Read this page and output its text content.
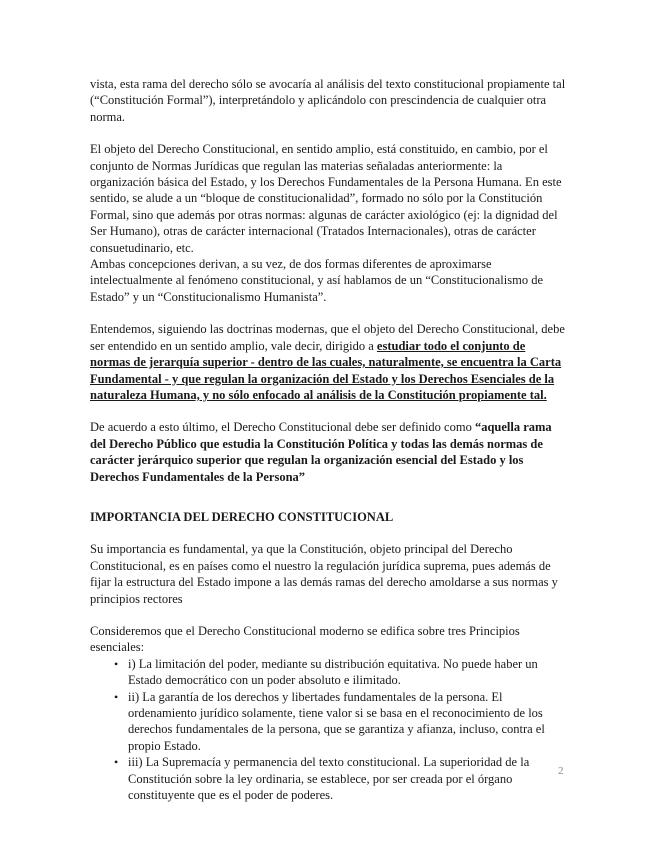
vista, esta rama del derecho sólo se avocaría al análisis del texto constitucional propiamente tal (“Constitución Formal”), interpretándolo y aplicándolo con prescindencia de cualquier otra norma.

El objeto del Derecho Constitucional, en sentido amplio, está constituido, en cambio, por el conjunto de Normas Jurídicas que regulan las materias señaladas anteriormente: la organización básica del Estado, y los Derechos Fundamentales de la Persona Humana. En este sentido, se alude a un “bloque de constitucionalidad”, formado no sólo por la Constitución Formal, sino que además por otras normas: algunas de carácter axiológico (ej: la dignidad del Ser Humano), otras de carácter internacional (Tratados Internacionales), otras de carácter consuetudinario, etc.

Ambas concepciones derivan, a su vez, de dos formas diferentes de aproximarse intelectualmente al fenómeno constitucional, y así hablamos de un “Constitucionalismo de Estado” y un “Constitucionalismo Humanista”.

Entendemos, siguiendo las doctrinas modernas, que el objeto del Derecho Constitucional, debe ser entendido en un sentido amplio, vale decir, dirigido a estudiar todo el conjunto de normas de jerarquía superior - dentro de las cuales, naturalmente, se encuentra la Carta Fundamental - y que regulan la organización del Estado y los Derechos Esenciales de la naturaleza Humana, y no sólo enfocado al análisis de la Constitución propiamente tal.

De acuerdo a esto último, el Derecho Constitucional debe ser definido como “aquella rama del Derecho Público que estudia la Constitución Política y todas las demás normas de carácter jerárquico superior que regulan la organización esencial del Estado y los Derechos Fundamentales de la Persona”

IMPORTANCIA DEL DERECHO CONSTITUCIONAL

Su importancia es fundamental, ya que la Constitución, objeto principal del Derecho Constitucional, es en países como el nuestro la regulación jurídica suprema, pues además de fijar la estructura del Estado impone a las demás ramas del derecho amoldarse a sus normas y principios rectores

Consideremos que el Derecho Constitucional moderno se edifica sobre tres Principios esenciales:

• i) La limitación del poder, mediante su distribución equitativa. No puede haber un Estado democrático con un poder absoluto e ilimitado.
• ii) La garantía de los derechos y libertades fundamentales de la persona. El ordenamiento jurídico solamente, tiene valor si se basa en el reconocimiento de los derechos fundamentales de la persona, que se garantiza y afianza, incluso, contra el propio Estado.
• iii) La Supremacía y permanencia del texto constitucional. La superioridad de la Constitución sobre la ley ordinaria, se establece, por ser creada por el órgano constituyente que es el poder de poderes.
2
